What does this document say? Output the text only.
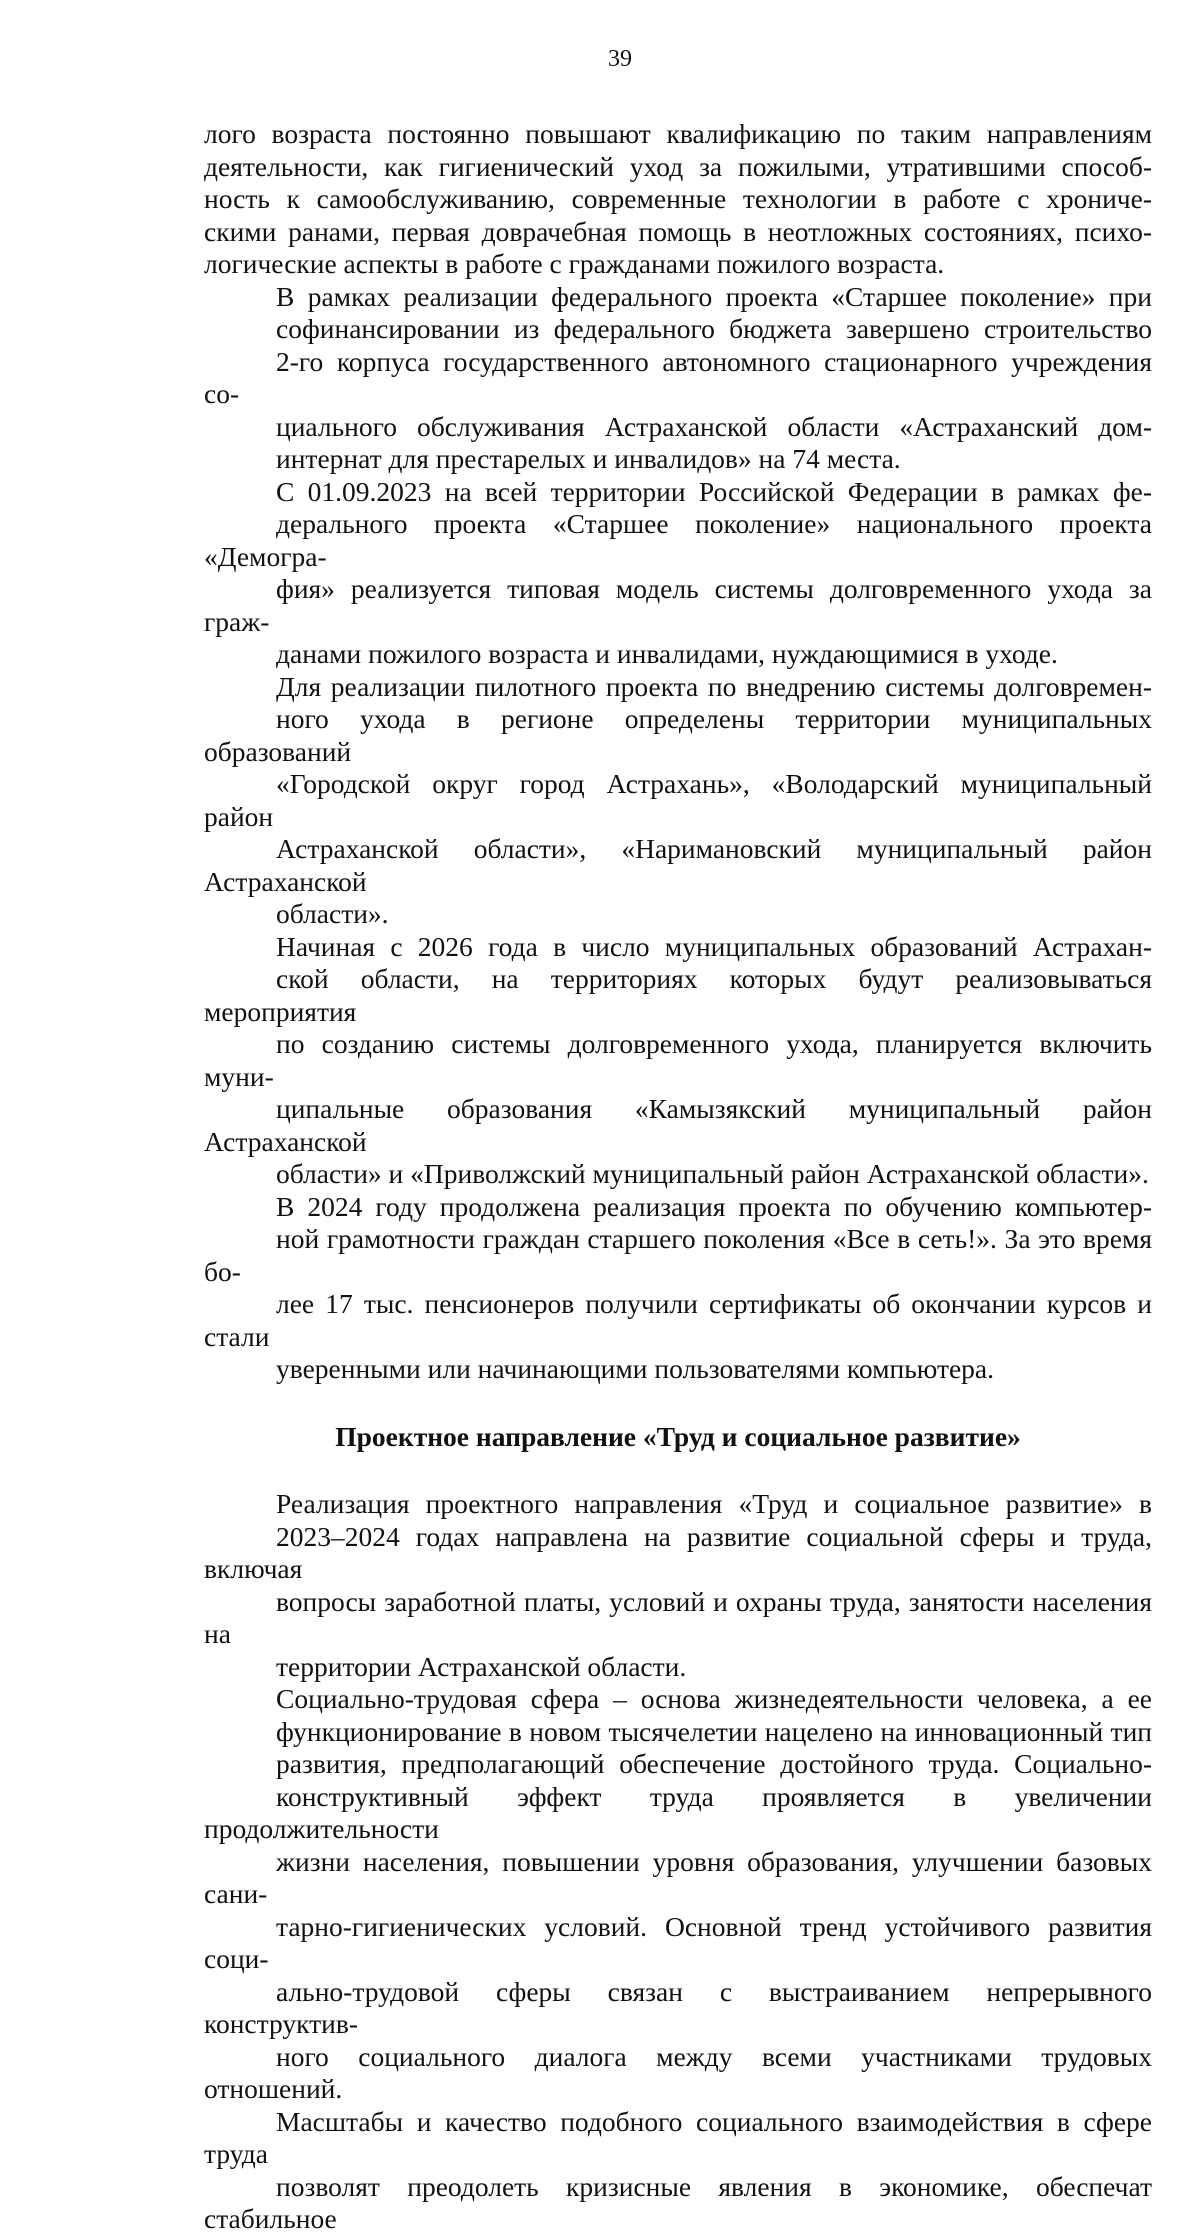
39

лого возраста постоянно повышают квалификацию по таким направлениям
деятельности, как гигиенический уход за пожилыми, утратившими способ-
ность к самообслуживанию, современные технологии в работе с хрониче-
скими ранами, первая доврачебная помощь в неотложных состояниях, психо-
логические аспекты в работе с гражданами пожилого возраста.

В рамках реализации федерального проекта «Старшее поколение» при
софинансировании из федерального бюджета завершено строительство
2-го корпуса государственного автономного стационарного учреждения со-
циального обслуживания Астраханской области «Астраханский дом-
интернат для престарелых и инвалидов» на 74 места.

С 01.09.2023 на всей территории Российской Федерации в рамках фе-
дерального проекта «Старшее поколение» национального проекта «Демогра-
фия» реализуется типовая модель системы долговременного ухода за граж-
данами пожилого возраста и инвалидами, нуждающимися в уходе.

Для реализации пилотного проекта по внедрению системы долговремен-
ного ухода в регионе определены территории муниципальных образований
«Городской округ город Астрахань», «Володарский муниципальный район
Астраханской области», «Наримановский муниципальный район Астраханской
области».

Начиная с 2026 года в число муниципальных образований Астрахан-
ской области, на территориях которых будут реализовываться мероприятия
по созданию системы долговременного ухода, планируется включить муни-
ципальные образования «Камызякский муниципальный район Астраханской
области» и «Приволжский муниципальный район Астраханской области».

В 2024 году продолжена реализация проекта по обучению компьютер-
ной грамотности граждан старшего поколения «Все в сеть!». За это время бо-
лее 17 тыс. пенсионеров получили сертификаты об окончании курсов и стали
уверенными или начинающими пользователями компьютера.

Проектное направление «Труд и социальное развитие»

Реализация проектного направления «Труд и социальное развитие» в
2023–2024 годах направлена на развитие социальной сферы и труда, включая
вопросы заработной платы, условий и охраны труда, занятости населения на
территории Астраханской области.

Социально-трудовая сфера – основа жизнедеятельности человека, а ее
функционирование в новом тысячелетии нацелено на инновационный тип
развития, предполагающий обеспечение достойного труда. Социально-
конструктивный эффект труда проявляется в увеличении продолжительности
жизни населения, повышении уровня образования, улучшении базовых сани-
тарно-гигиенических условий. Основной тренд устойчивого развития соци-
ально-трудовой сферы связан с выстраиванием непрерывного конструктив-
ного социального диалога между всеми участниками трудовых отношений.
Масштабы и качество подобного социального взаимодействия в сфере труда
позволят преодолеть кризисные явления в экономике, обеспечат стабильное
